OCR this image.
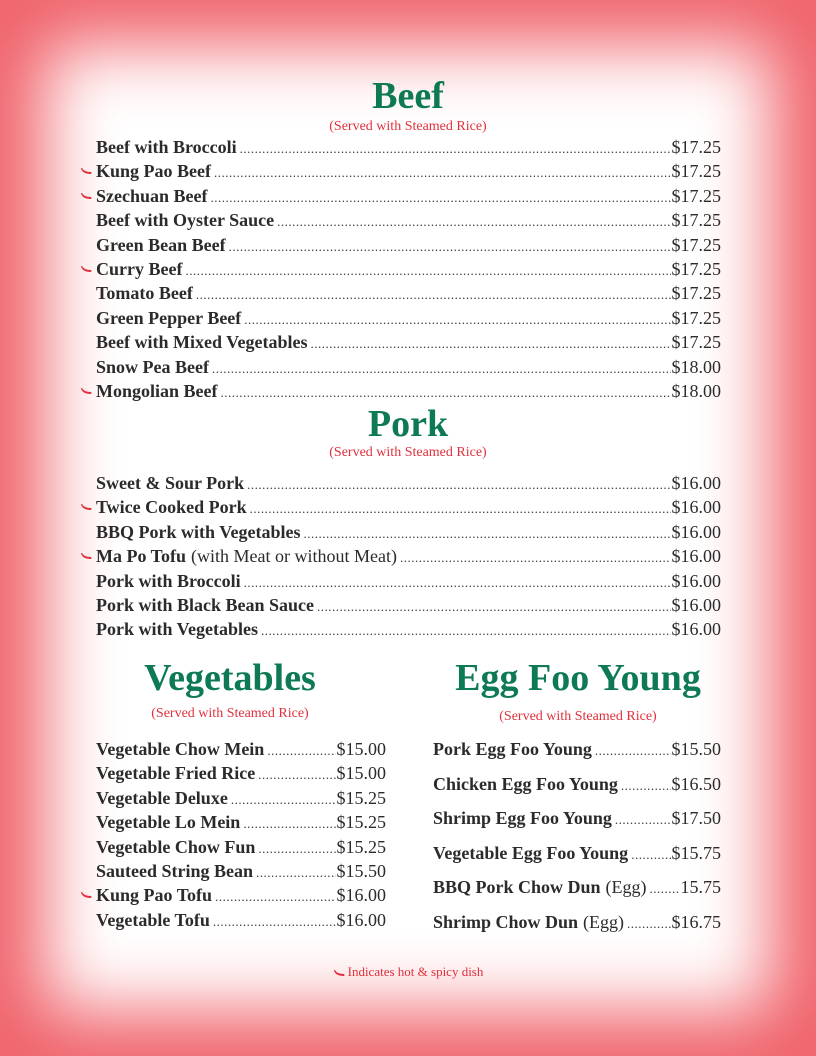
Beef
(Served with Steamed Rice)
Beef with Broccoli .....	$17.25
Kung Pao Beef .....	$17.25
Szechuan Beef .....	$17.25
Beef with Oyster Sauce .....	$17.25
Green Bean Beef .....	$17.25
Curry Beef .....	$17.25
Tomato Beef .....	$17.25
Green Pepper Beef .....	$17.25
Beef with Mixed Vegetables .....	$17.25
Snow Pea Beef .....	$18.00
Mongolian Beef .....	$18.00
Pork
(Served with Steamed Rice)
Sweet & Sour Pork .....	$16.00
Twice Cooked Pork .....	$16.00
BBQ Pork with Vegetables .....	$16.00
Ma Po Tofu (with Meat or without Meat) .....	$16.00
Pork with Broccoli .....	$16.00
Pork with Black Bean Sauce .....	$16.00
Pork with Vegetables .....	$16.00
Vegetables
(Served with Steamed Rice)
Vegetable Chow Mein .....	$15.00
Vegetable Fried Rice .....	$15.00
Vegetable Deluxe .....	$15.25
Vegetable Lo Mein .....	$15.25
Vegetable Chow Fun .....	$15.25
Sauteed String Bean .....	$15.50
Kung Pao Tofu .....	$16.00
Vegetable Tofu .....	$16.00
Egg Foo Young
(Served with Steamed Rice)
Pork Egg Foo Young .....	$15.50
Chicken Egg Foo Young .....	$16.50
Shrimp Egg Foo Young .....	$17.50
Vegetable Egg Foo Young ..... $15.75
BBQ Pork Chow Dun (Egg) ..... 15.75
Shrimp Chow Dun (Egg) .....	$16.75
Indicates hot & spicy dish
